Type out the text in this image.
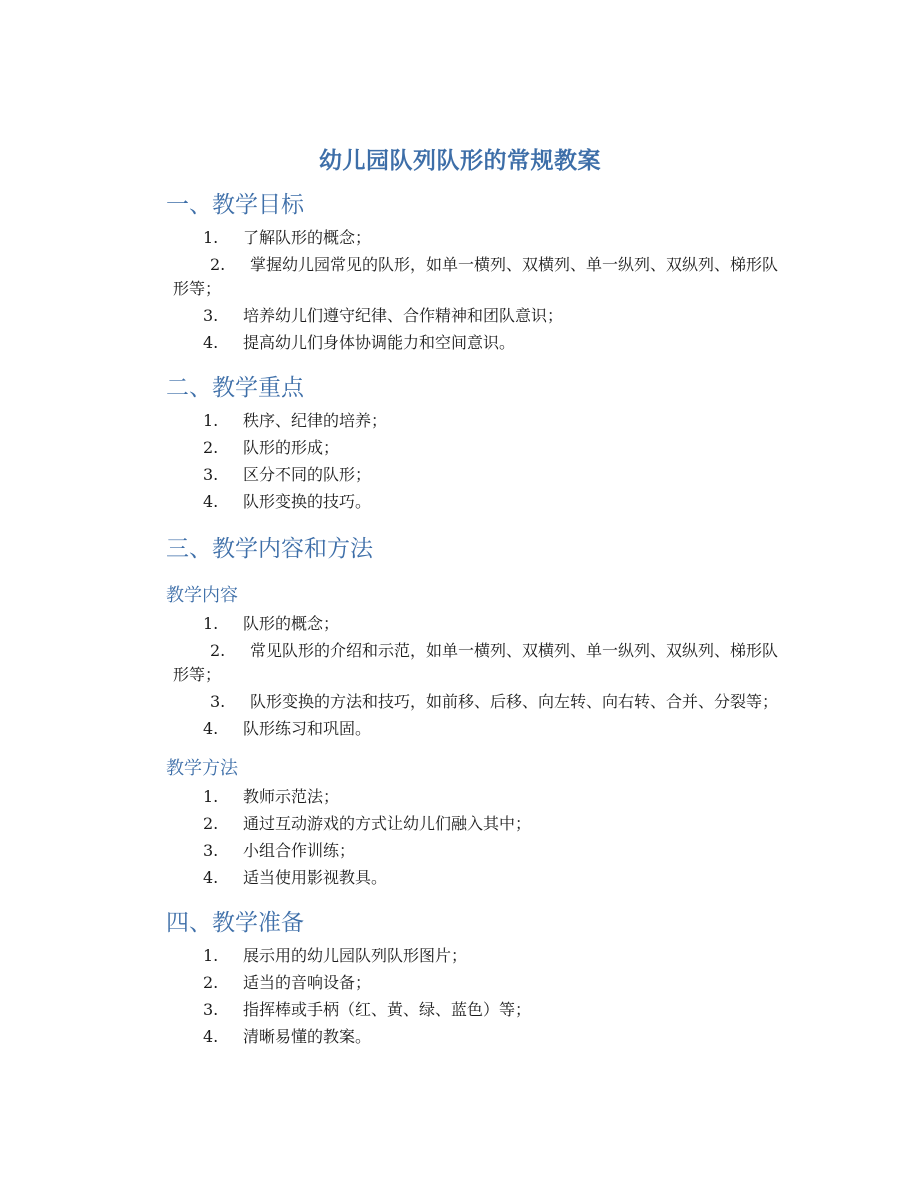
幼儿园队列队形的常规教案
一、教学目标
1. 了解队形的概念；
2. 掌握幼儿园常见的队形，如单一横列、双横列、单一纵列、双纵列、梯形队形等；
3. 培养幼儿们遵守纪律、合作精神和团队意识；
4. 提高幼儿们身体协调能力和空间意识。
二、教学重点
1. 秩序、纪律的培养；
2. 队形的形成；
3. 区分不同的队形；
4. 队形变换的技巧。
三、教学内容和方法
教学内容
1. 队形的概念；
2. 常见队形的介绍和示范，如单一横列、双横列、单一纵列、双纵列、梯形队形等；
3. 队形变换的方法和技巧，如前移、后移、向左转、向右转、合并、分裂等；
4. 队形练习和巩固。
教学方法
1. 教师示范法；
2. 通过互动游戏的方式让幼儿们融入其中；
3. 小组合作训练；
4. 适当使用影视教具。
四、教学准备
1. 展示用的幼儿园队列队形图片；
2. 适当的音响设备；
3. 指挥棒或手柄（红、黄、绿、蓝色）等；
4. 清晰易懂的教案。
